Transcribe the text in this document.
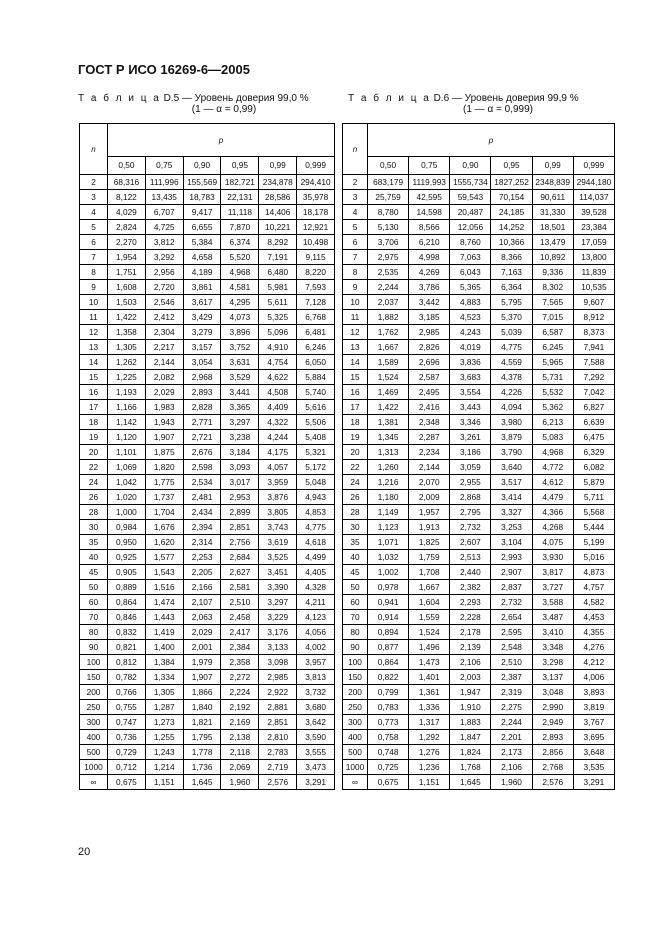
ГОСТ Р ИСО 16269-6—2005
Т а б л и ц а D.5 — Уровень доверия 99,0 %
(1 — α = 0,99)
Т а б л и ц а D.6 — Уровень доверия 99,9 %
(1 — α = 0,999)
n	p					
	0,50	0,75	0,90	0,95	0,99	0,999
2	68,316	111,996	155,569	182,721	234,878	294,410
3	8,122	13,435	18,783	22,131	28,586	35,978
4	4,029	6,707	9,417	11,118	14,406	18,178
5	2,824	4,725	6,655	7,870	10,221	12,921
6	2,270	3,812	5,384	6,374	8,292	10,498
7	1,954	3,292	4,658	5,520	7,191	9,115
8	1,751	2,956	4,189	4,968	6,480	8,220
9	1,608	2,720	3,861	4,581	5,981	7,593
10	1,503	2,546	3,617	4,295	5,611	7,128
11	1,422	2,412	3,429	4,073	5,325	6,768
12	1,358	2,304	3,279	3,896	5,096	6,481
13	1,305	2,217	3,157	3,752	4,910	6,246
14	1,262	2,144	3,054	3,631	4,754	6,050
15	1,225	2,082	2,968	3,529	4,622	5,884
16	1,193	2,029	2,893	3,441	4,508	5,740
17	1,166	1,983	2,828	3,365	4,409	5,616
18	1,142	1,943	2,771	3,297	4,322	5,506
19	1,120	1,907	2,721	3,238	4,244	5,408
20	1,101	1,875	2,676	3,184	4,175	5,321
22	1,069	1,820	2,598	3,093	4,057	5,172
24	1,042	1,775	2,534	3,017	3,959	5,048
26	1,020	1,737	2,481	2,953	3,876	4,943
28	1,000	1,704	2,434	2,899	3,805	4,853
30	0,984	1,676	2,394	2,851	3,743	4,775
35	0,950	1,620	2,314	2,756	3,619	4,618
40	0,925	1,577	2,253	2,684	3,525	4,499
45	0,905	1,543	2,205	2,627	3,451	4,405
50	0,889	1,516	2,166	2,581	3,390	4,328
60	0,864	1,474	2,107	2,510	3,297	4,211
70	0,846	1,443	2,063	2,458	3,229	4,123
80	0,832	1,419	2,029	2,417	3,176	4,056
90	0,821	1,400	2,001	2,384	3,133	4,002
100	0,812	1,384	1,979	2,358	3,098	3,957
150	0,782	1,334	1,907	2,272	2,985	3,813
200	0,766	1,305	1,866	2,224	2,922	3,732
250	0,755	1,287	1,840	2,192	2,881	3,680
300	0,747	1,273	1,821	2,169	2,851	3,642
400	0,736	1,255	1,795	2,138	2,810	3,590
500	0,729	1,243	1,778	2,118	2,783	3,555
1000	0,712	1,214	1,736	2,069	2,719	3,473
∞	0,675	1,151	1,645	1,960	2,576	3,291
n	p					
	0,50	0,75	0,90	0,95	0,99	0,999
2	683,179	1119,993	1555,734	1827,252	2348,839	2944,180
3	25,759	42,595	59,543	70,154	90,611	114,037
4	8,780	14,598	20,487	24,185	31,330	39,528
5	5,130	8,566	12,056	14,252	18,501	23,384
6	3,706	6,210	8,760	10,366	13,479	17,059
7	2,975	4,998	7,063	8,366	10,892	13,800
8	2,535	4,269	6,043	7,163	9,336	11,839
9	2,244	3,786	5,365	6,364	8,302	10,535
10	2,037	3,442	4,883	5,795	7,565	9,607
11	1,882	3,185	4,523	5,370	7,015	8,912
12	1,762	2,985	4,243	5,039	6,587	8,373
13	1,667	2,826	4,019	4,775	6,245	7,941
14	1,589	2,696	3,836	4,559	5,965	7,588
15	1,524	2,587	3,683	4,378	5,731	7,292
16	1,469	2,495	3,554	4,226	5,532	7,042
17	1,422	2,416	3,443	4,094	5,362	6,827
18	1,381	2,348	3,346	3,980	6,213	6,639
19	1,345	2,287	3,261	3,879	5,083	6,475
20	1,313	2,234	3,186	3,790	4,968	6,329
22	1,260	2,144	3,059	3,640	4,772	6,082
24	1,216	2,070	2,955	3,517	4,612	5,879
26	1,180	2,009	2,868	3,414	4,479	5,711
28	1,149	1,957	2,795	3,327	4,366	5,568
30	1,123	1,913	2,732	3,253	4,268	5,444
35	1,071	1,825	2,607	3,104	4,075	5,199
40	1,032	1,759	2,513	2,993	3,930	5,016
45	1,002	1,708	2,440	2,907	3,817	4,873
50	0,978	1,667	2,382	2,837	3,727	4,757
60	0,941	1,604	2,293	2,732	3,588	4,582
70	0,914	1,559	2,228	2,654	3,487	4,453
80	0,894	1,524	2,178	2,595	3,410	4,355
90	0,877	1,496	2,139	2,548	3,348	4,276
100	0,864	1,473	2,106	2,510	3,298	4,212
150	0,822	1,401	2,003	2,387	3,137	4,006
200	0,799	1,361	1,947	2,319	3,048	3,893
250	0,783	1,336	1,910	2,275	2,990	3,819
300	0,773	1,317	1,883	2,244	2,949	3,767
400	0,758	1,292	1,847	2,201	2,893	3,695
500	0,748	1,276	1,824	2,173	2,856	3,648
1000	0,725	1,236	1,768	2,106	2,768	3,535
∞	0,675	1,151	1,645	1,960	2,576	3,291
20
